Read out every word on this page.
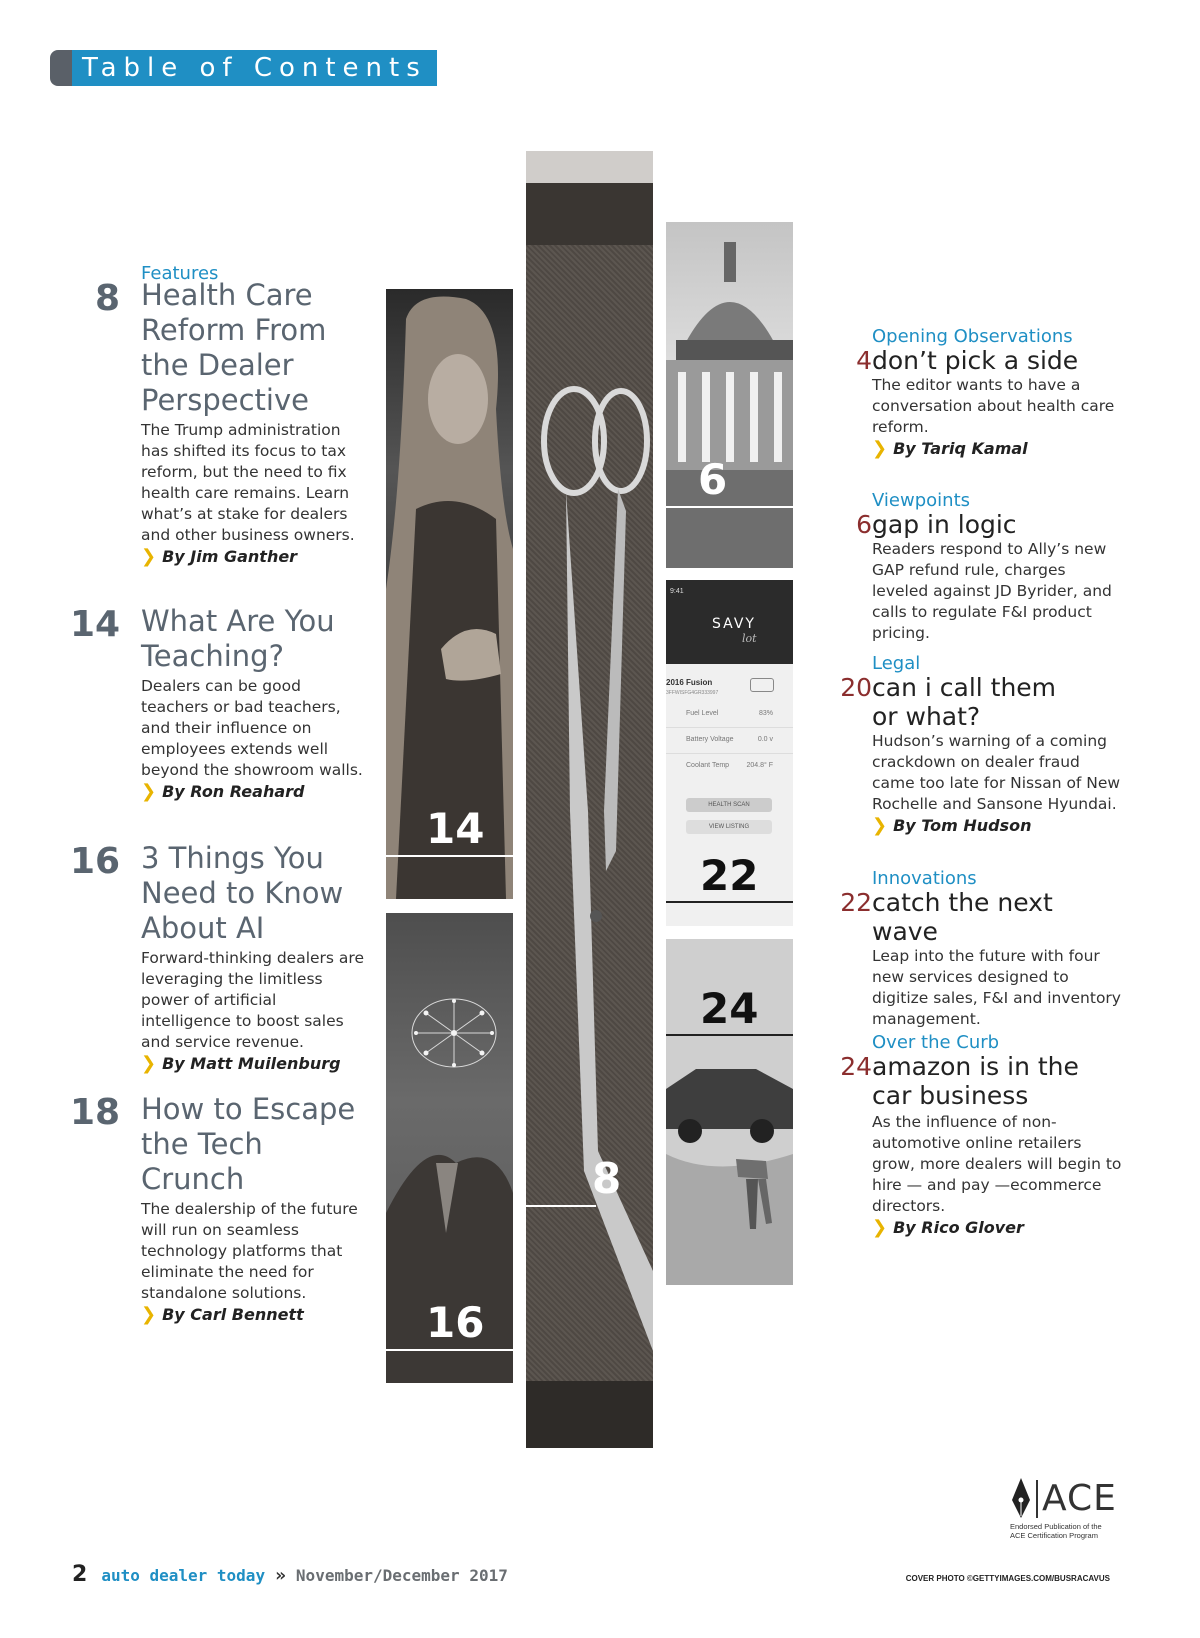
Table of Contents
Features
8 Health Care Reform From the Dealer Perspective
The Trump administration has shifted its focus to tax reform, but the need to fix health care remains. Learn what’s at stake for dealers and other business owners.
❯ By Jim Ganther
14 What Are You Teaching?
Dealers can be good teachers or bad teachers, and their influence on employees extends well beyond the showroom walls.
❯ By Ron Reahard
16 3 Things You Need to Know About AI
Forward-thinking dealers are leveraging the limitless power of artificial intelligence to boost sales and service revenue.
❯ By Matt Muilenburg
18 How to Escape the Tech Crunch
The dealership of the future will run on seamless technology platforms that eliminate the need for standalone solutions.
❯ By Carl Bennett
14
16
8
6
9:41
SAVY
lot
2016 Fusion
3FFWISFG4GR333997
Fuel Level	83%
Battery Voltage	0.0 v
Coolant Temp 204.8° F
HEALTH SCAN
VIEW LISTING
22
24
Opening Observations
4 don’t pick a side
The editor wants to have a conversation about health care reform.
❯ By Tariq Kamal
Viewpoints
6 gap in logic
Readers respond to Ally’s new GAP refund rule, charges leveled against JD Byrider, and calls to regulate F&I product pricing.
Legal
20 can i call them or what?
Hudson’s warning of a coming crackdown on dealer fraud came too late for Nissan of New Rochelle and Sansone Hyundai.
❯ By Tom Hudson
Innovations
22 catch the next wave
Leap into the future with four new services designed to digitize sales, F&I and inventory management.
Over the Curb
24 amazon is in the car business
As the influence of non-automotive online retailers grow, more dealers will begin to hire — and pay —ecommerce directors.
❯ By Rico Glover
ACE
Endorsed Publication of the
ACE Certification Program
2 auto dealer today » November/December 2017	COVER PHOTO ©GETTYIMAGES.COM/BUSRACAVUS
